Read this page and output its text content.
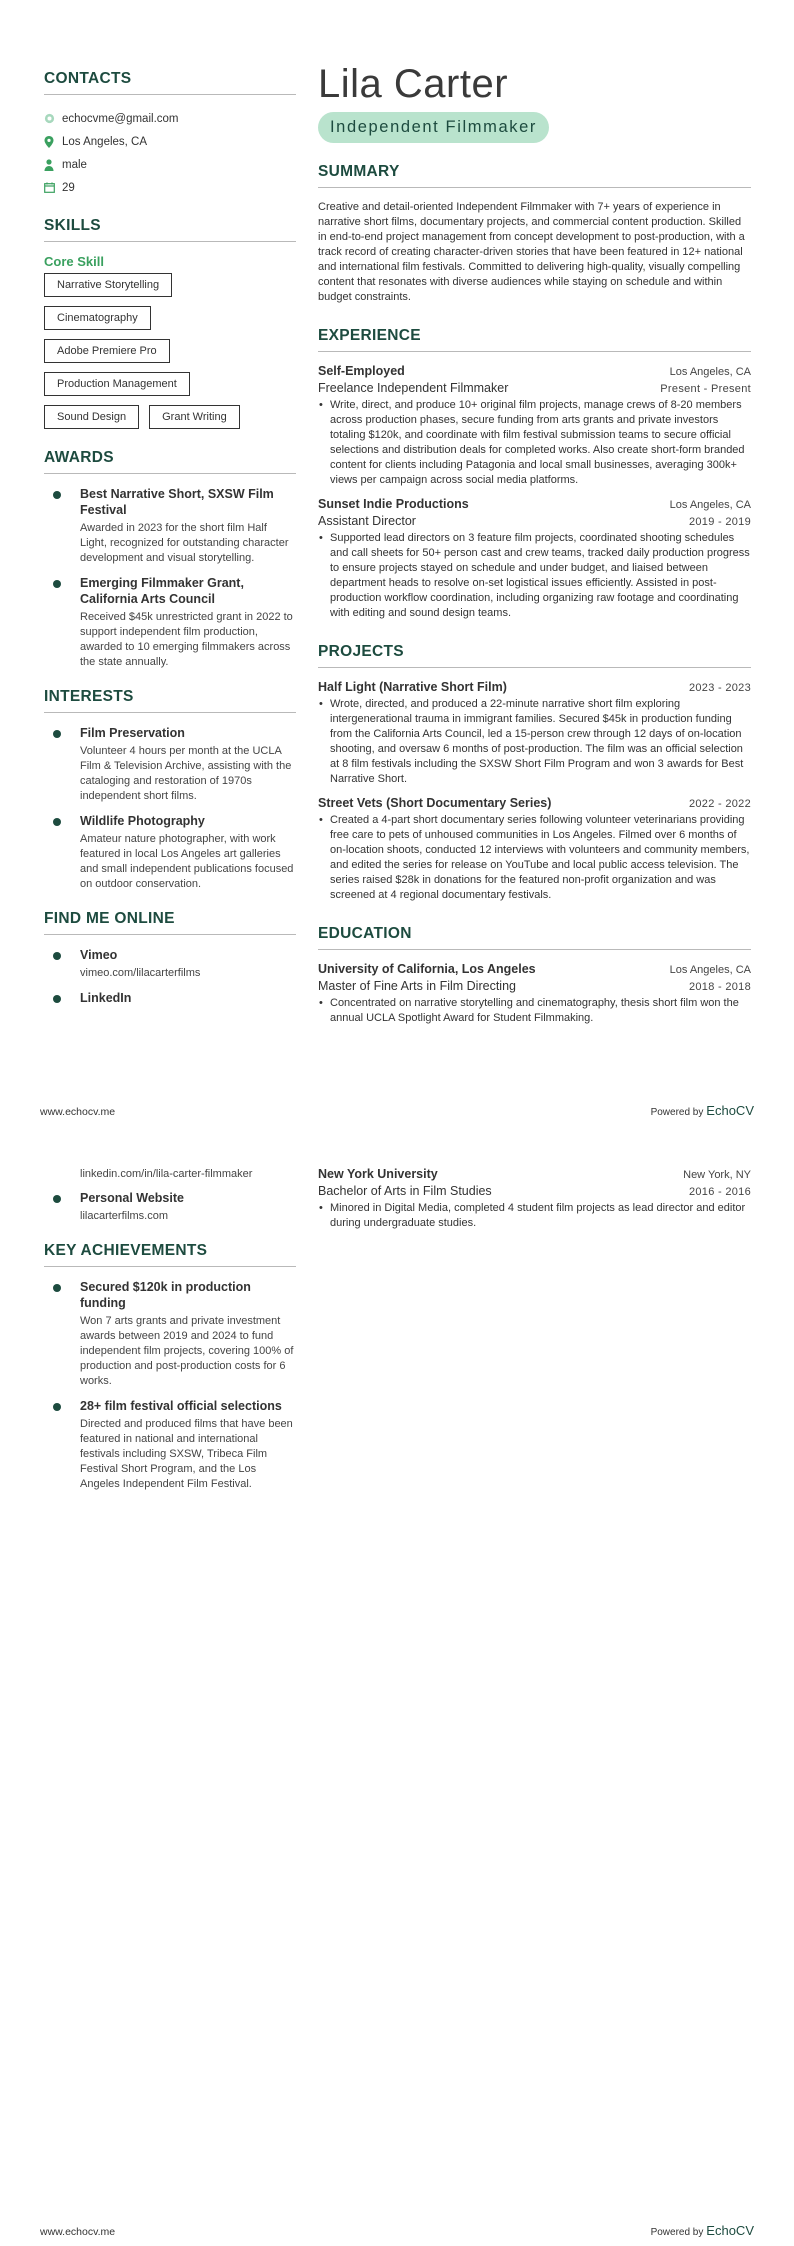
CONTACTS
echocvme@gmail.com
Los Angeles, CA
male
29
SKILLS
Core Skill
Narrative Storytelling
Cinematography
Adobe Premiere Pro
Production Management
Sound Design	Grant Writing
AWARDS
Best Narrative Short, SXSW Film Festival
Awarded in 2023 for the short film Half Light, recognized for outstanding character development and visual storytelling.
Emerging Filmmaker Grant, California Arts Council
Received $45k unrestricted grant in 2022 to support independent film production, awarded to 10 emerging filmmakers across the state annually.
INTERESTS
Film Preservation
Volunteer 4 hours per month at the UCLA Film & Television Archive, assisting with the cataloging and restoration of 1970s independent short films.
Wildlife Photography
Amateur nature photographer, with work featured in local Los Angeles art galleries and small independent publications focused on outdoor conservation.
FIND ME ONLINE
Vimeo
vimeo.com/lilacarterfilms
LinkedIn
Lila Carter
Independent Filmmaker
SUMMARY
Creative and detail-oriented Independent Filmmaker with 7+ years of experience in narrative short films, documentary projects, and commercial content production. Skilled in end-to-end project management from concept development to post-production, with a track record of creating character-driven stories that have been featured in 12+ national and international film festivals. Committed to delivering high-quality, visually compelling content that resonates with diverse audiences while staying on schedule and within budget constraints.
EXPERIENCE
Self-Employed	Los Angeles, CA
Freelance Independent Filmmaker	Present - Present
• Write, direct, and produce 10+ original film projects, manage crews of 8-20 members across production phases, secure funding from arts grants and private investors totaling $120k, and coordinate with film festival submission teams to secure official selections and distribution deals for completed works. Also create short-form branded content for clients including Patagonia and local small businesses, averaging 300k+ views per campaign across social media platforms.
Sunset Indie Productions	Los Angeles, CA
Assistant Director	2019 - 2019
• Supported lead directors on 3 feature film projects, coordinated shooting schedules and call sheets for 50+ person cast and crew teams, tracked daily production progress to ensure projects stayed on schedule and under budget, and liaised between department heads to resolve on-set logistical issues efficiently. Assisted in post-production workflow coordination, including organizing raw footage and coordinating with editing and sound design teams.
PROJECTS
Half Light (Narrative Short Film)	2023 - 2023
• Wrote, directed, and produced a 22-minute narrative short film exploring intergenerational trauma in immigrant families. Secured $45k in production funding from the California Arts Council, led a 15-person crew through 12 days of on-location shooting, and oversaw 6 months of post-production. The film was an official selection at 8 film festivals including the SXSW Short Film Program and won 3 awards for Best Narrative Short.
Street Vets (Short Documentary Series)	2022 - 2022
• Created a 4-part short documentary series following volunteer veterinarians providing free care to pets of unhoused communities in Los Angeles. Filmed over 6 months of on-location shoots, conducted 12 interviews with volunteers and community members, and edited the series for release on YouTube and local public access television. The series raised $28k in donations for the featured non-profit organization and was screened at 4 regional documentary festivals.
EDUCATION
University of California, Los Angeles	Los Angeles, CA
Master of Fine Arts in Film Directing	2018 - 2018
• Concentrated on narrative storytelling and cinematography, thesis short film won the annual UCLA Spotlight Award for Student Filmmaking.
www.echocv.me	Powered by EchoCV
linkedin.com/in/lila-carter-filmmaker
Personal Website
lilacarterfilms.com
KEY ACHIEVEMENTS
Secured $120k in production funding
Won 7 arts grants and private investment awards between 2019 and 2024 to fund independent film projects, covering 100% of production and post-production costs for 6 works.
28+ film festival official selections
Directed and produced films that have been featured in national and international festivals including SXSW, Tribeca Film Festival Short Program, and the Los Angeles Independent Film Festival.
New York University	New York, NY
Bachelor of Arts in Film Studies	2016 - 2016
• Minored in Digital Media, completed 4 student film projects as lead director and editor during undergraduate studies.
www.echocv.me	Powered by EchoCV
